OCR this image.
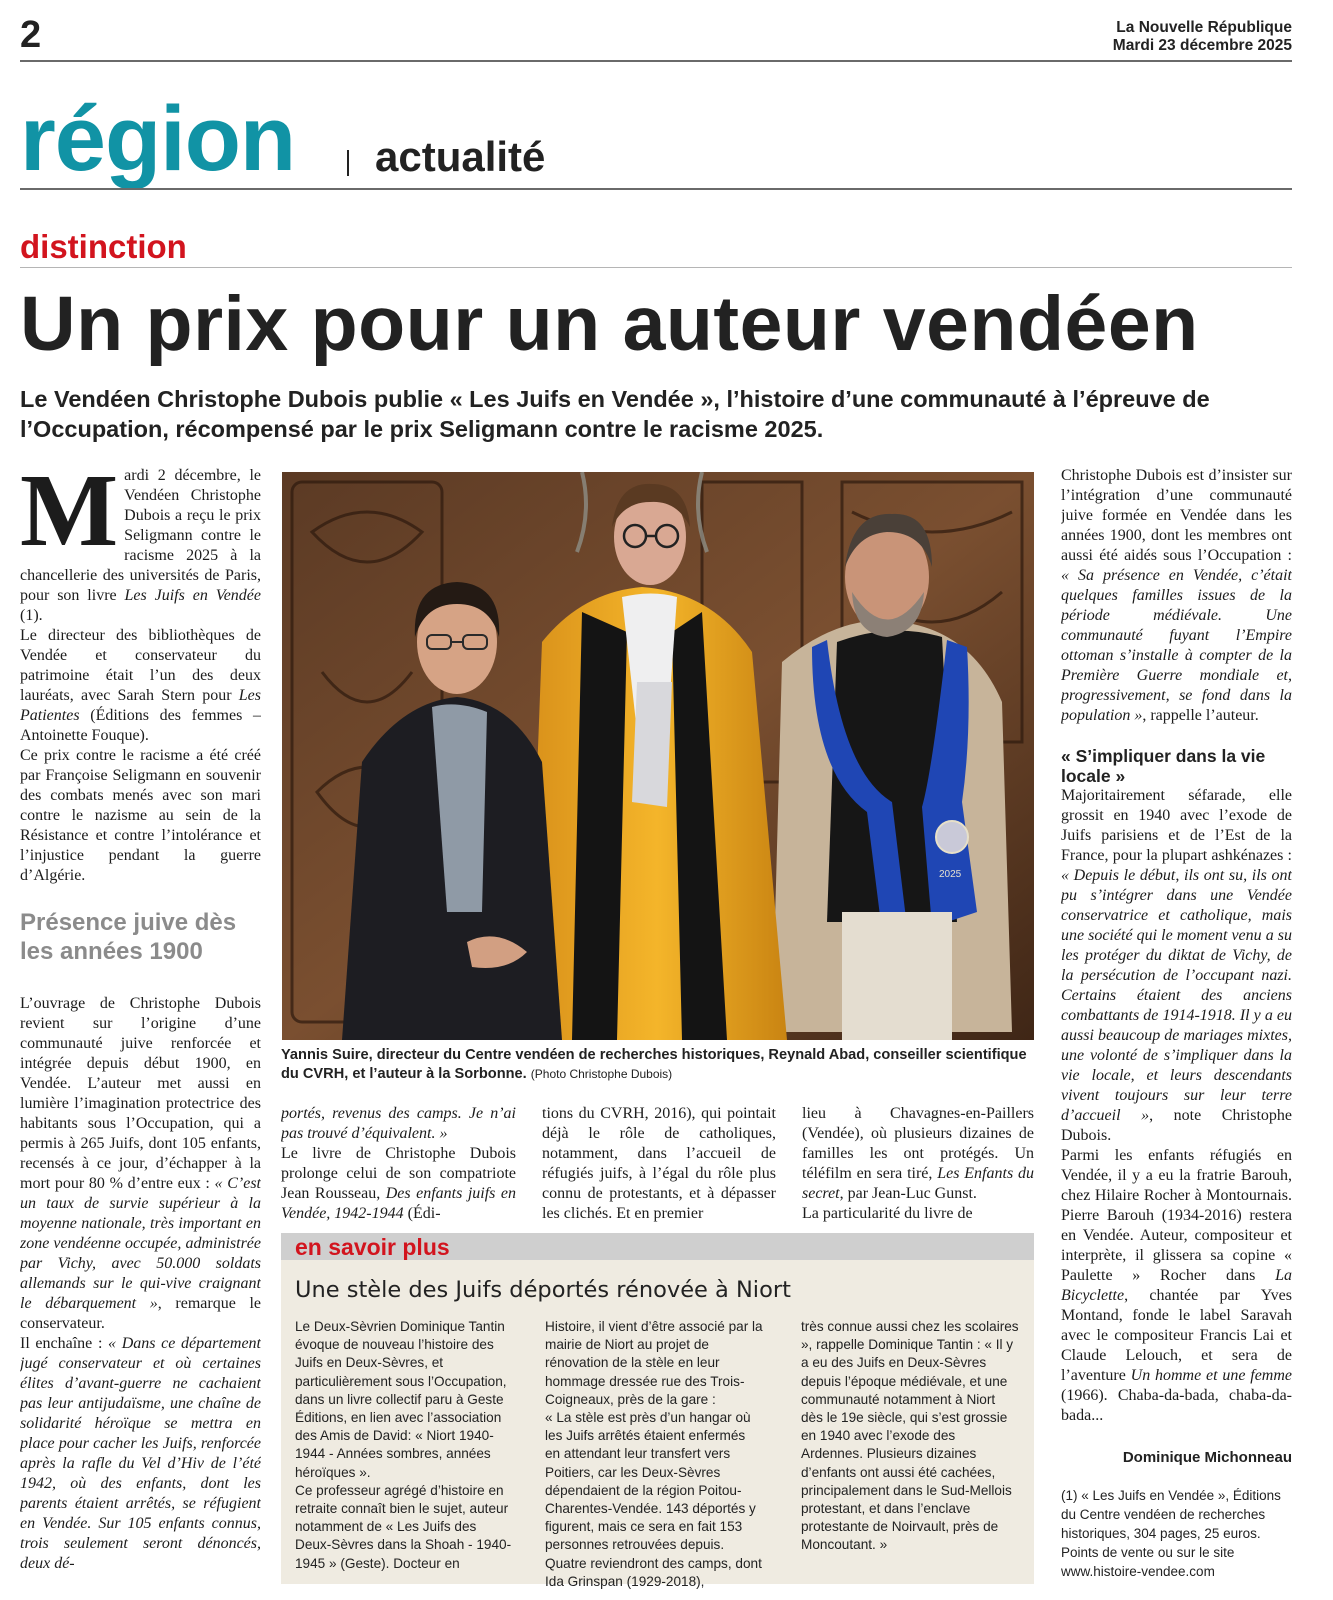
2	La Nouvelle République
Mardi 23 décembre 2025
région actualité
distinction
Un prix pour un auteur vendéen
Le Vendéen Christophe Dubois publie « Les Juifs en Vendée », l’histoire d’une communauté à l’épreuve de l’Occupation, récompensé par le prix Seligmann contre le racisme 2025.

Mardi 2 décembre, le Vendéen Christophe Dubois a reçu le prix Seligmann contre le racisme 2025 à la chancellerie des universités de Paris, pour son livre Les Juifs en Vendée (1).

Le directeur des bibliothèques de Vendée et conservateur du patrimoine était l’un des deux lauréats, avec Sarah Stern pour Les Patientes (Éditions des femmes – Antoinette Fouque).

Ce prix contre le racisme a été créé par Françoise Seligmann en souvenir des combats menés avec son mari contre le nazisme au sein de la Résistance et contre l’intolérance et l’injustice pendant la guerre d’Algérie.

Présence juive dès les années 1900

L’ouvrage de Christophe Dubois revient sur l’origine d’une communauté juive renforcée et intégrée depuis début 1900, en Vendée. L’auteur met aussi en lumière l’imagination protectrice des habitants sous l’Occupation, qui a permis à 265 Juifs, dont 105 enfants, recensés à ce jour, d’échapper à la mort pour 80 % d’entre eux : « C’est un taux de survie supérieur à la moyenne nationale, très important en zone vendéenne occupée, administrée par Vichy, avec 50.000 soldats allemands sur le qui-vive craignant le débarquement », remarque le conservateur.

Il enchaîne : « Dans ce département jugé conservateur et où certaines élites d’avant-guerre ne cachaient pas leur antijudaïsme, une chaîne de solidarité héroïque se mettra en place pour cacher les Juifs, renforcée après la rafle du Vel d’Hiv de l’été 1942, où des enfants, dont les parents étaient arrêtés, se réfugient en Vendée. Sur 105 enfants connus, trois seulement seront dénoncés, deux dé-

2025
Yannis Suire, directeur du Centre vendéen de recherches historiques, Reynald Abad, conseiller scientifique du CVRH, et l’auteur à la Sorbonne. (Photo Christophe Dubois)

portés, revenus des camps. Je n’ai pas trouvé d’équivalent. »

Le livre de Christophe Dubois prolonge celui de son compatriote Jean Rousseau, Des enfants juifs en Vendée, 1942-1944 (Édi-

tions du CVRH, 2016), qui pointait déjà le rôle de catholiques, notamment, dans l’accueil de réfugiés juifs, à l’égal du rôle plus connu de protestants, et à dépasser les clichés. Et en premier

lieu à Chavagnes-en-Paillers (Vendée), où plusieurs dizaines de familles les ont protégés. Un téléfilm en sera tiré, Les Enfants du secret, par Jean-Luc Gunst.

La particularité du livre de

en savoir plus
Une stèle des Juifs déportés rénovée à Niort

Le Deux-Sèvrien Dominique Tantin évoque de nouveau l’histoire des Juifs en Deux-Sèvres, et particulièrement sous l’Occupation, dans un livre collectif paru à Geste Éditions, en lien avec l’association des Amis de David: « Niort 1940-1944 - Années sombres, années héroïques ».

Ce professeur agrégé d’histoire en retraite connaît bien le sujet, auteur notamment de « Les Juifs des Deux-Sèvres dans la Shoah - 1940-1945 » (Geste). Docteur en

Histoire, il vient d’être associé par la mairie de Niort au projet de rénovation de la stèle en leur hommage dressée rue des Trois-Coigneaux, près de la gare :

« La stèle est près d’un hangar où les Juifs arrêtés étaient enfermés en attendant leur transfert vers Poitiers, car les Deux-Sèvres dépendaient de la région Poitou-Charentes-Vendée. 143 déportés y figurent, mais ce sera en fait 153 personnes retrouvées depuis. Quatre reviendront des camps, dont Ida Grinspan (1929-2018),

très connue aussi chez les scolaires », rappelle Dominique Tantin : « Il y a eu des Juifs en Deux-Sèvres depuis l’époque médiévale, et une communauté notamment à Niort dès le 19e siècle, qui s’est grossie en 1940 avec l’exode des Ardennes. Plusieurs dizaines d’enfants ont aussi été cachées, principalement dans le Sud-Mellois protestant, et dans l’enclave protestante de Noirvault, près de Moncoutant. »

Christophe Dubois est d’insister sur l’intégration d’une communauté juive formée en Vendée dans les années 1900, dont les membres ont aussi été aidés sous l’Occupation : « Sa présence en Vendée, c’était quelques familles issues de la période médiévale. Une communauté fuyant l’Empire ottoman s’installe à compter de la Première Guerre mondiale et, progressivement, se fond dans la population », rappelle l’auteur.

« S’impliquer dans la vie locale »

Majoritairement séfarade, elle grossit en 1940 avec l’exode de Juifs parisiens et de l’Est de la France, pour la plupart ashkénazes : « Depuis le début, ils ont su, ils ont pu s’intégrer dans une Vendée conservatrice et catholique, mais une société qui le moment venu a su les protéger du diktat de Vichy, de la persécution de l’occupant nazi. Certains étaient des anciens combattants de 1914-1918. Il y a eu aussi beaucoup de mariages mixtes, une volonté de s’impliquer dans la vie locale, et leurs descendants vivent toujours sur leur terre d’accueil », note Christophe Dubois.

Parmi les enfants réfugiés en Vendée, il y a eu la fratrie Barouh, chez Hilaire Rocher à Montournais. Pierre Barouh (1934-2016) restera en Vendée. Auteur, compositeur et interprète, il glissera sa copine « Paulette » Rocher dans La Bicyclette, chantée par Yves Montand, fonde le label Saravah avec le compositeur Francis Lai et Claude Lelouch, et sera de l’aventure Un homme et une femme (1966). Chaba-da-bada, chaba-da-bada...

Dominique Michonneau
(1) « Les Juifs en Vendée », Éditions du Centre vendéen de recherches historiques, 304 pages, 25 euros. Points de vente ou sur le site www.histoire-vendee.com
